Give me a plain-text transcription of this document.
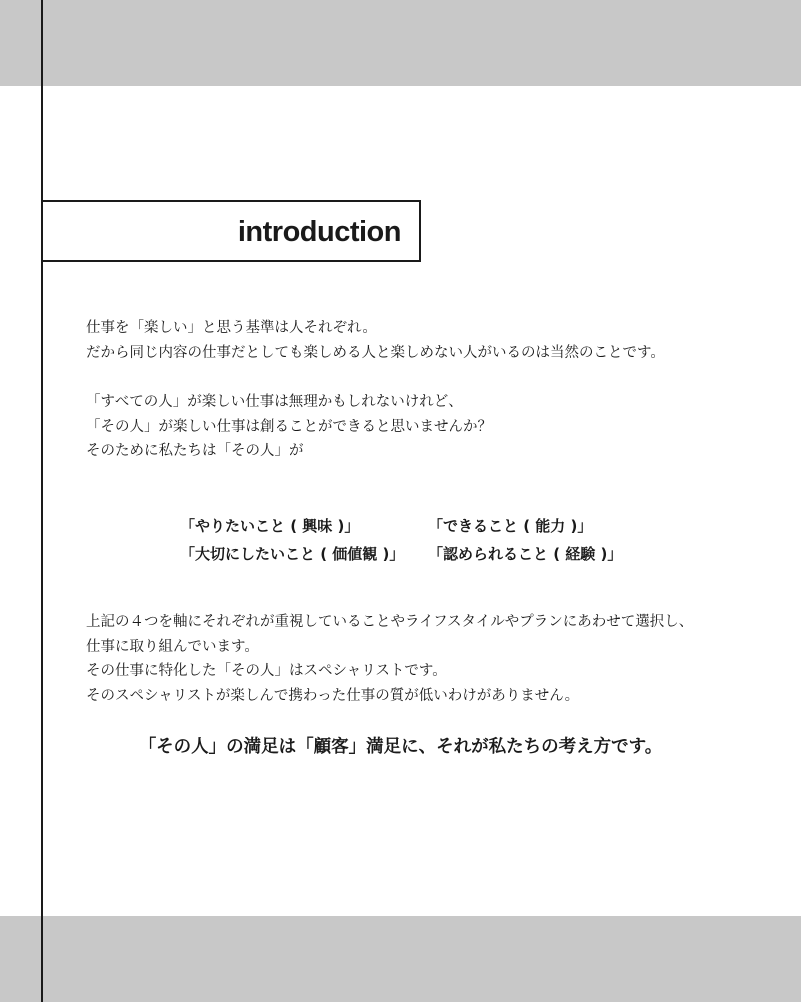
introduction
仕事を「楽しい」と思う基準は人それぞれ。
だから同じ内容の仕事だとしても楽しめる人と楽しめない人がいるのは当然のことです。
「すべての人」が楽しい仕事は無理かもしれないけれど、
「その人」が楽しい仕事は創ることができると思いませんか？
そのために私たちは「その人」が
「やりたいこと ( 興味 )」
「大切にしたいこと ( 価値観 )」
「できること ( 能力 )」
「認められること ( 経験 )」
上記の４つを軸にそれぞれが重視していることやライフスタイルやプランにあわせて選択し、
仕事に取り組んでいます。
その仕事に特化した「その人」はスペシャリストです。
そのスペシャリストが楽しんで携わった仕事の質が低いわけがありません。
「その人」の満足は「顧客」満足に、それが私たちの考え方です。
